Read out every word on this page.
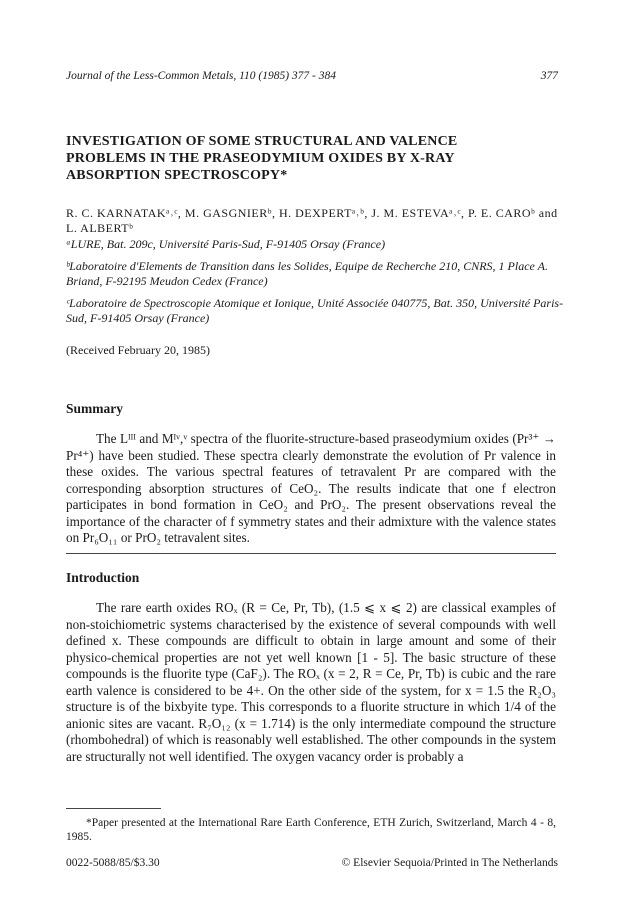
Journal of the Less-Common Metals, 110 (1985) 377 - 384	377
INVESTIGATION OF SOME STRUCTURAL AND VALENCE PROBLEMS IN THE PRASEODYMIUM OXIDES BY X-RAY ABSORPTION SPECTROSCOPY*
R. C. KARNATAKᵃ˒ᶜ, M. GASGNIERᵇ, H. DEXPERTᵃ˒ᵇ, J. M. ESTEVAᵃ˒ᶜ, P. E. CAROᵇ and L. ALBERTᵇ
ᵃLURE, Bat. 209c, Université Paris-Sud, F-91405 Orsay (France)
ᵇLaboratoire d'Elements de Transition dans les Solides, Equipe de Recherche 210, CNRS, 1 Place A. Briand, F-92195 Meudon Cedex (France)
ᶜLaboratoire de Spectroscopie Atomique et Ionique, Unité Associée 040775, Bat. 350, Université Paris-Sud, F-91405 Orsay (France)
(Received February 20, 1985)
Summary
The Lᴵᴵᴵ and Mᴵᵛ,ᵛ spectra of the fluorite-structure-based praseodymium oxides (Pr³⁺ → Pr⁴⁺) have been studied. These spectra clearly demonstrate the evolution of Pr valence in these oxides. The various spectral features of tetravalent Pr are compared with the corresponding absorption structures of CeO₂. The results indicate that one f electron participates in bond formation in CeO₂ and PrO₂. The present observations reveal the importance of the character of f symmetry states and their admixture with the valence states on Pr₆O₁₁ or PrO₂ tetravalent sites.
Introduction
The rare earth oxides ROₓ (R = Ce, Pr, Tb), (1.5 ⩽ x ⩽ 2) are classical examples of non-stoichiometric systems characterised by the existence of several compounds with well defined x. These compounds are difficult to obtain in large amount and some of their physico-chemical properties are not yet well known [1 - 5]. The basic structure of these compounds is the fluorite type (CaF₂). The ROₓ (x = 2, R = Ce, Pr, Tb) is cubic and the rare earth valence is considered to be 4+. On the other side of the system, for x = 1.5 the R₂O₃ structure is of the bixbyite type. This corresponds to a fluorite structure in which 1/4 of the anionic sites are vacant. R₇O₁₂ (x = 1.714) is the only intermediate compound the structure (rhombohedral) of which is reasonably well established. The other compounds in the system are structurally not well identified. The oxygen vacancy order is probably a
*Paper presented at the International Rare Earth Conference, ETH Zurich, Switzerland, March 4 - 8, 1985.
0022-5088/85/$3.30	© Elsevier Sequoia/Printed in The Netherlands
